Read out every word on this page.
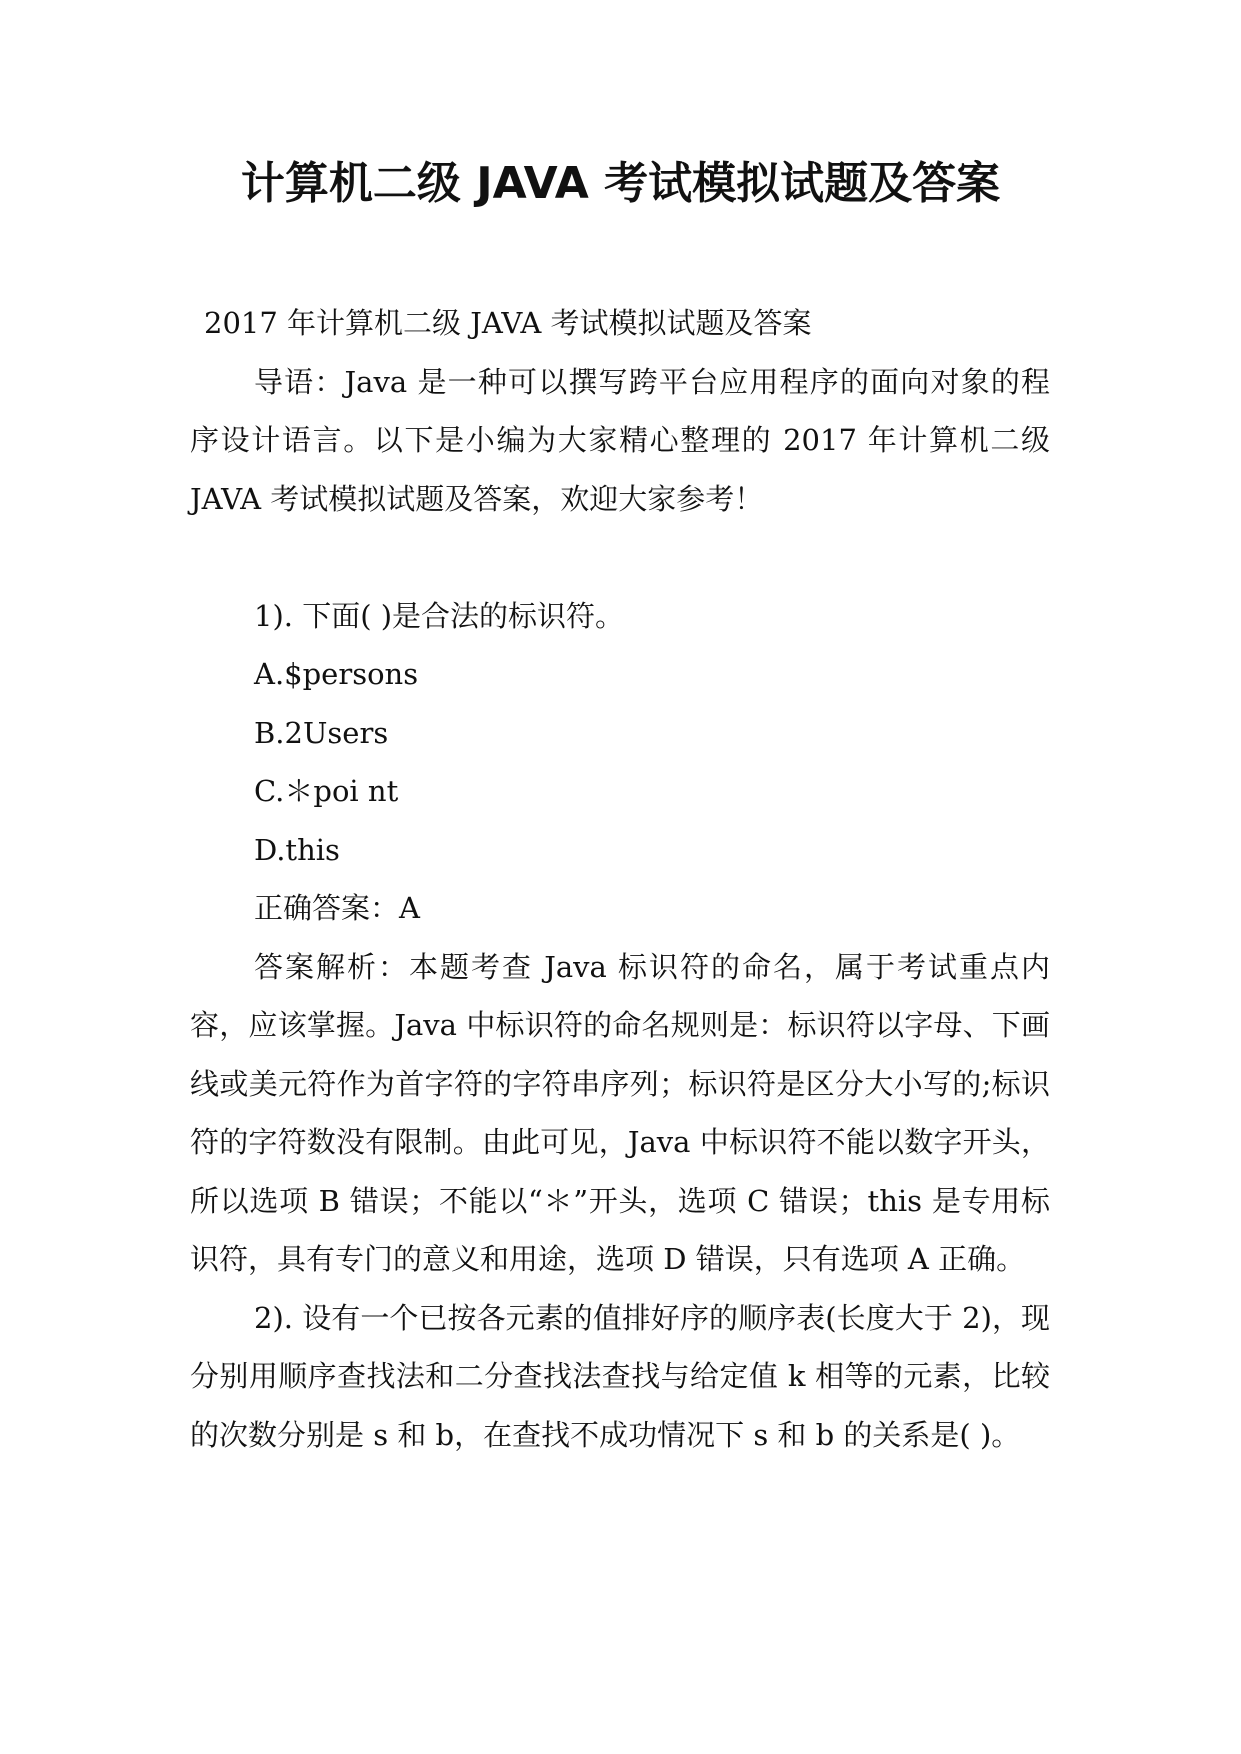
计算机二级 JAVA 考试模拟试题及答案

2017 年计算机二级 JAVA 考试模拟试题及答案

导语：Java 是一种可以撰写跨平台应用程序的面向对象的程序设计语言。以下是小编为大家精心整理的 2017 年计算机二级 JAVA 考试模拟试题及答案，欢迎大家参考！

1). 下面( )是合法的标识符。

A.$persons

B.2Users

C.＊poi nt

D.this

正确答案：A

答案解析：本题考查 Java 标识符的命名，属于考试重点内容，应该掌握。Java 中标识符的命名规则是：标识符以字母、下画线或美元符作为首字符的字符串序列；标识符是区分大小写的;标识符的字符数没有限制。由此可见，Java 中标识符不能以数字开头，所以选项 B 错误；不能以“＊”开头，选项 C 错误；this 是专用标识符，具有专门的意义和用途，选项 D 错误，只有选项 A 正确。

2). 设有一个已按各元素的值排好序的顺序表(长度大于 2)，现分别用顺序查找法和二分查找法查找与给定值 k 相等的元素，比较的次数分别是 s 和 b，在查找不成功情况下 s 和 b 的关系是( )。
